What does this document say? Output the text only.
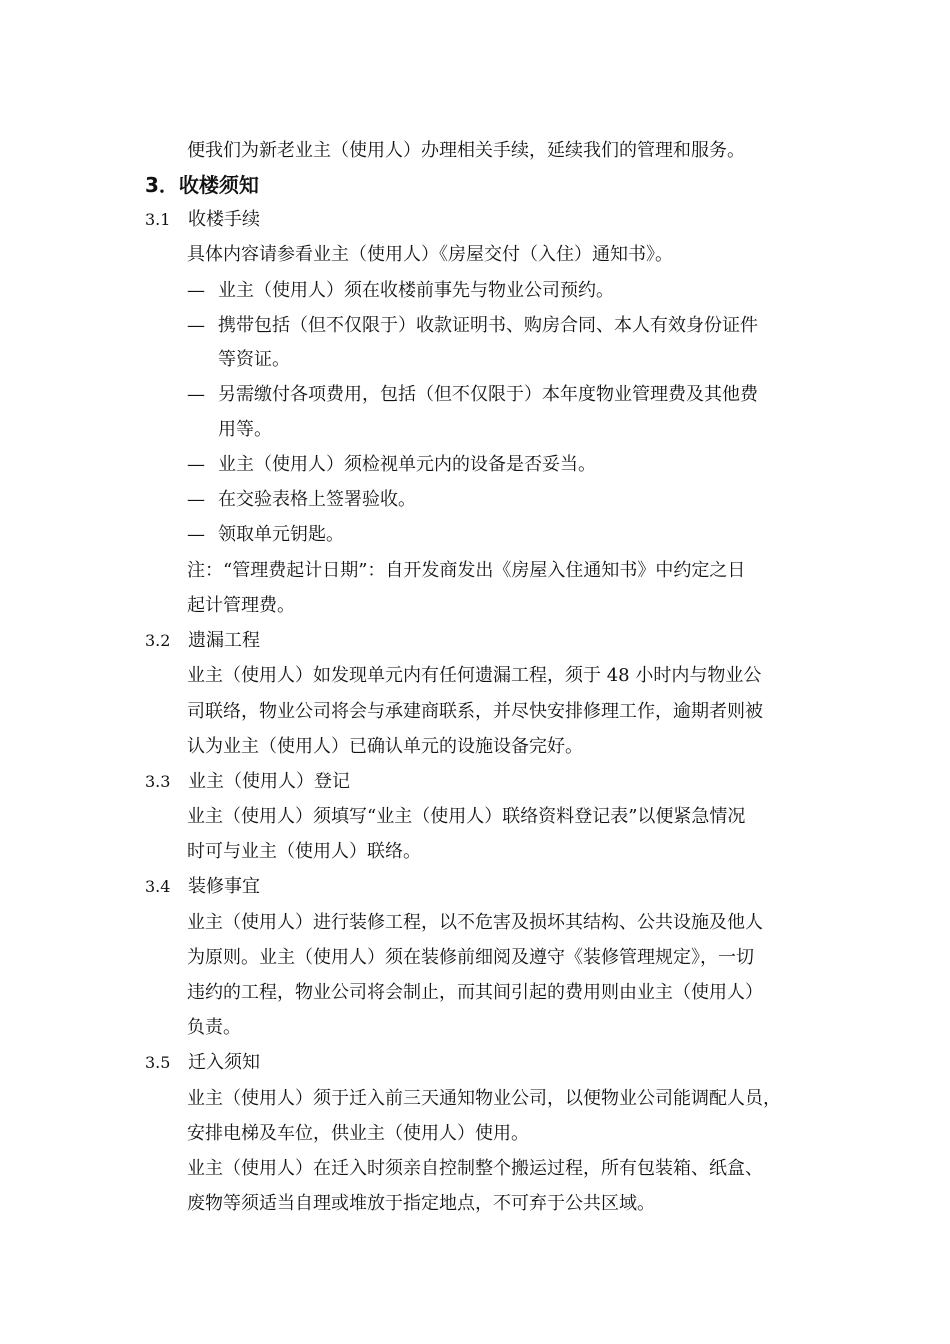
便我们为新老业主（使用人）办理相关手续，延续我们的管理和服务。
3．收楼须知
3.1 收楼手续
具体内容请参看业主（使用人）《房屋交付（入住）通知书》。
— 业主（使用人）须在收楼前事先与物业公司预约。
— 携带包括（但不仅限于）收款证明书、购房合同、本人有效身份证件
等资证。
— 另需缴付各项费用，包括（但不仅限于）本年度物业管理费及其他费
用等。
— 业主（使用人）须检视单元内的设备是否妥当。
— 在交验表格上签署验收。
— 领取单元钥匙。
注：“管理费起计日期”：自开发商发出《房屋入住通知书》中约定之日
起计管理费。
3.2 遗漏工程
业主（使用人）如发现单元内有任何遗漏工程，须于 48 小时内与物业公
司联络，物业公司将会与承建商联系，并尽快安排修理工作，逾期者则被
认为业主（使用人）已确认单元的设施设备完好。
3.3 业主（使用人）登记
业主（使用人）须填写“业主（使用人）联络资料登记表”以便紧急情况
时可与业主（使用人）联络。
3.4 装修事宜
业主（使用人）进行装修工程，以不危害及损坏其结构、公共设施及他人
为原则。业主（使用人）须在装修前细阅及遵守《装修管理规定》，一切
违约的工程，物业公司将会制止，而其间引起的费用则由业主（使用人）
负责。
3.5 迁入须知
业主（使用人）须于迁入前三天通知物业公司，以便物业公司能调配人员，
安排电梯及车位，供业主（使用人）使用。
业主（使用人）在迁入时须亲自控制整个搬运过程，所有包装箱、纸盒、
废物等须适当自理或堆放于指定地点，不可弃于公共区域。
